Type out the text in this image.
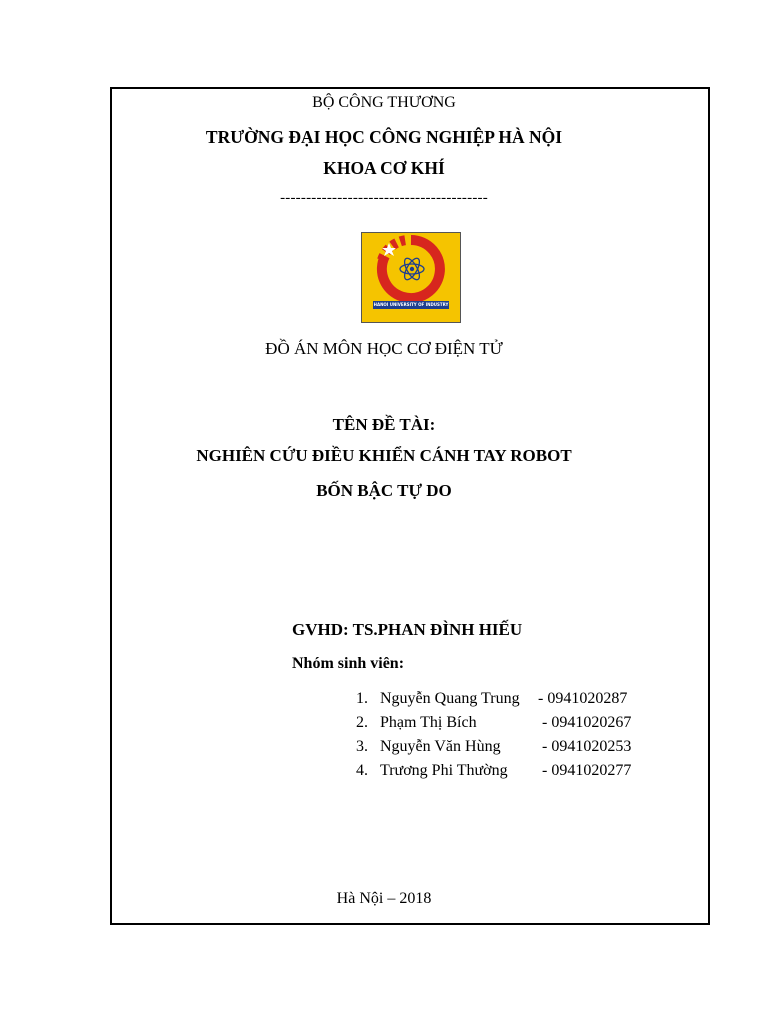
BỘ CÔNG THƯƠNG
TRƯỜNG ĐẠI HỌC CÔNG NGHIỆP HÀ NỘI
KHOA CƠ KHÍ
----------------------------------------
HANOI UNIVERSITY OF INDUSTRY
ĐỒ ÁN MÔN HỌC CƠ ĐIỆN TỬ
TÊN ĐỀ TÀI:
NGHIÊN CỨU ĐIỀU KHIỂN CÁNH TAY ROBOT
BỐN BẬC TỰ DO
GVHD: TS.PHAN ĐÌNH HIẾU
Nhóm sinh viên:
1. Nguyễn Quang Trung - 0941020287
2. Phạm Thị Bích	- 0941020267
3. Nguyễn Văn Hùng	- 0941020253
4. Trương Phi Thường - 0941020277
Hà Nội – 2018
